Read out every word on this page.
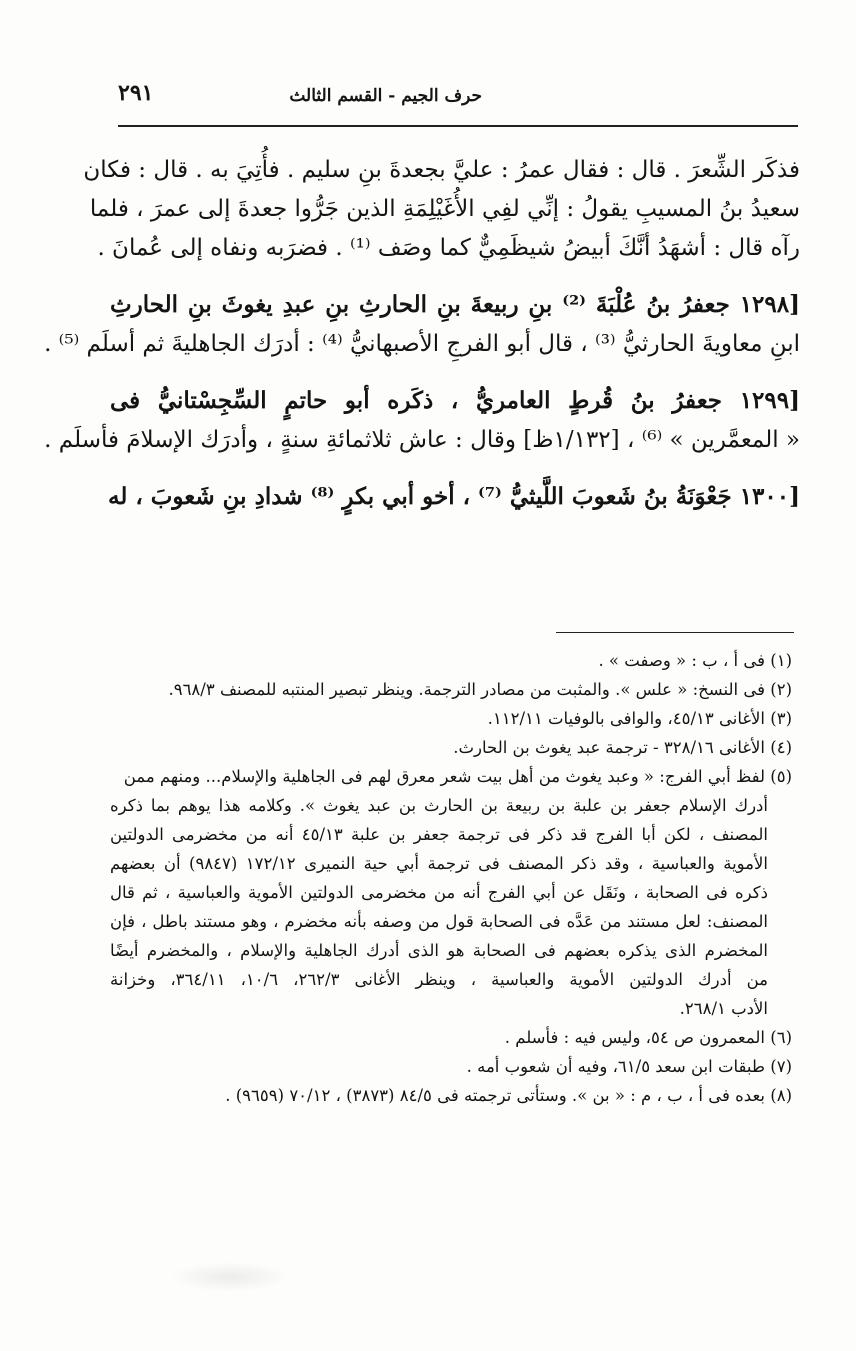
٢٩١	حرف الجيم - القسم الثالث
فذكَر الشِّعرَ . قال : فقال عمرُ : عليَّ بجعدةَ بنِ سليم . فأُتِيَ به . قال : فكان
سعيدُ بنُ المسيبِ يقولُ : إنِّي لفِي الأُغَيْلِمَةِ الذين جَرُّوا جعدةَ إلى عمرَ ، فلما
رآه قال : أشهَدُ أنَّكَ أبيضُ شيظَمِيٌّ كما وصَف ⁽¹⁾ . فضرَبه ونفاه إلى عُمانَ .
[١٢٩٨ جعفرُ بنُ عُلْبَةَ ⁽²⁾ بنِ ربيعةَ بنِ الحارثِ بنِ عبدِ يغوثَ بنِ الحارثِ
ابنِ معاويةَ الحارثيُّ ⁽³⁾ ، قال أبو الفرجِ الأصبهانيُّ ⁽⁴⁾ : أدرَك الجاهليةَ ثم أسلَم ⁽⁵⁾ .
[١٢٩٩ جعفرُ بنُ قُرطٍ العامريُّ ، ذكَره أبو حاتمٍ السِّجِسْتانيُّ فى
« المعمَّرين » ⁽⁶⁾ ، [١/١٣٢ظ] وقال : عاش ثلاثمائةِ سنةٍ ، وأدرَك الإسلامَ فأسلَم .
[١٣٠٠ جَعْوَنَةُ بنُ شَعوبَ اللَّيثيُّ ⁽⁷⁾ ، أخو أبي بكرٍ ⁽⁸⁾ شدادِ بنِ شَعوبَ ، له
(١) فى أ ، ب : « وصفت » .
(٢) فى النسخ: « علس ». والمثبت من مصادر الترجمة. وينظر تبصير المنتبه للمصنف ٩٦٨/٣.
(٣) الأغانى ٤٥/١٣، والوافى بالوفيات ١١٢/١١.
(٤) الأغانى ٣٢٨/١٦ - ترجمة عبد يغوث بن الحارث.
(٥) لفظ أبي الفرج: « وعبد يغوث من أهل بيت شعر معرق لهم فى الجاهلية والإسلام... ومنهم ممن
أدرك الإسلام جعفر بن علبة بن ربيعة بن الحارث بن عبد يغوث ». وكلامه هذا يوهم بما ذكره
المصنف ، لكن أبا الفرج قد ذكر فى ترجمة جعفر بن علبة ٤٥/١٣ أنه من مخضرمى الدولتين
الأموية والعباسية ، وقد ذكر المصنف فى ترجمة أبي حية النميرى ١٧٢/١٢ (٩٨٤٧) أن بعضهم
ذكره فى الصحابة ، ونَقَل عن أبي الفرج أنه من مخضرمى الدولتين الأموية والعباسية ، ثم قال
المصنف: لعل مستند من عَدَّه فى الصحابة قول من وصفه بأنه مخضرم ، وهو مستند باطل ، فإن
المخضرم الذى يذكره بعضهم فى الصحابة هو الذى أدرك الجاهلية والإسلام ، والمخضرم أيضًا
من أدرك الدولتين الأموية والعباسية ، وينظر الأغانى ٢٦٢/٣، ١٠/٦، ٣٦٤/١١، وخزانة
الأدب ٢٦٨/١.
(٦) المعمرون ص ٥٤، وليس فيه : فأسلم .
(٧) طبقات ابن سعد ٦١/٥، وفيه أن شعوب أمه .
(٨) بعده فى أ ، ب ، م : « بن ». وستأتى ترجمته فى ٨٤/٥ (٣٨٧٣) ، ٧٠/١٢ (٩٦٥٩) .
